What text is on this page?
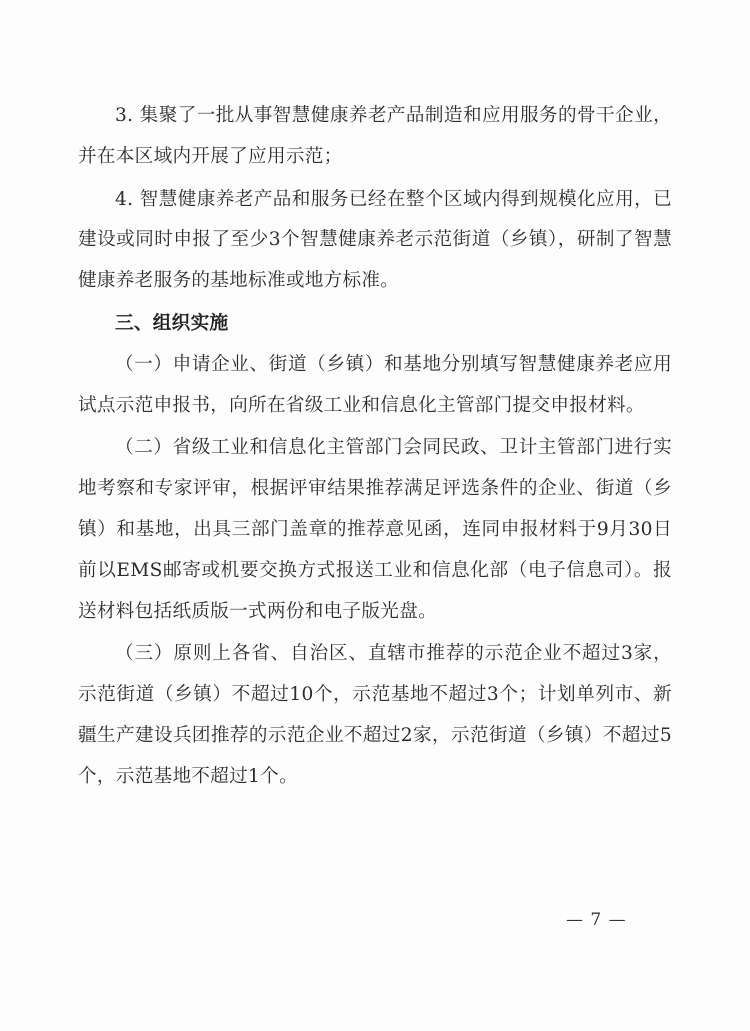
3. 集聚了一批从事智慧健康养老产品制造和应用服务的骨干企业，并在本区域内开展了应用示范；

4. 智慧健康养老产品和服务已经在整个区域内得到规模化应用，已建设或同时申报了至少3个智慧健康养老示范街道（乡镇），研制了智慧健康养老服务的基地标准或地方标准。

三、组织实施

（一）申请企业、街道（乡镇）和基地分别填写智慧健康养老应用试点示范申报书，向所在省级工业和信息化主管部门提交申报材料。

（二）省级工业和信息化主管部门会同民政、卫计主管部门进行实地考察和专家评审，根据评审结果推荐满足评选条件的企业、街道（乡镇）和基地，出具三部门盖章的推荐意见函，连同申报材料于9月30日前以EMS邮寄或机要交换方式报送工业和信息化部（电子信息司）。报送材料包括纸质版一式两份和电子版光盘。

（三）原则上各省、自治区、直辖市推荐的示范企业不超过3家，示范街道（乡镇）不超过10个，示范基地不超过3个；计划单列市、新疆生产建设兵团推荐的示范企业不超过2家，示范街道（乡镇）不超过5个，示范基地不超过1个。

— 7 —
